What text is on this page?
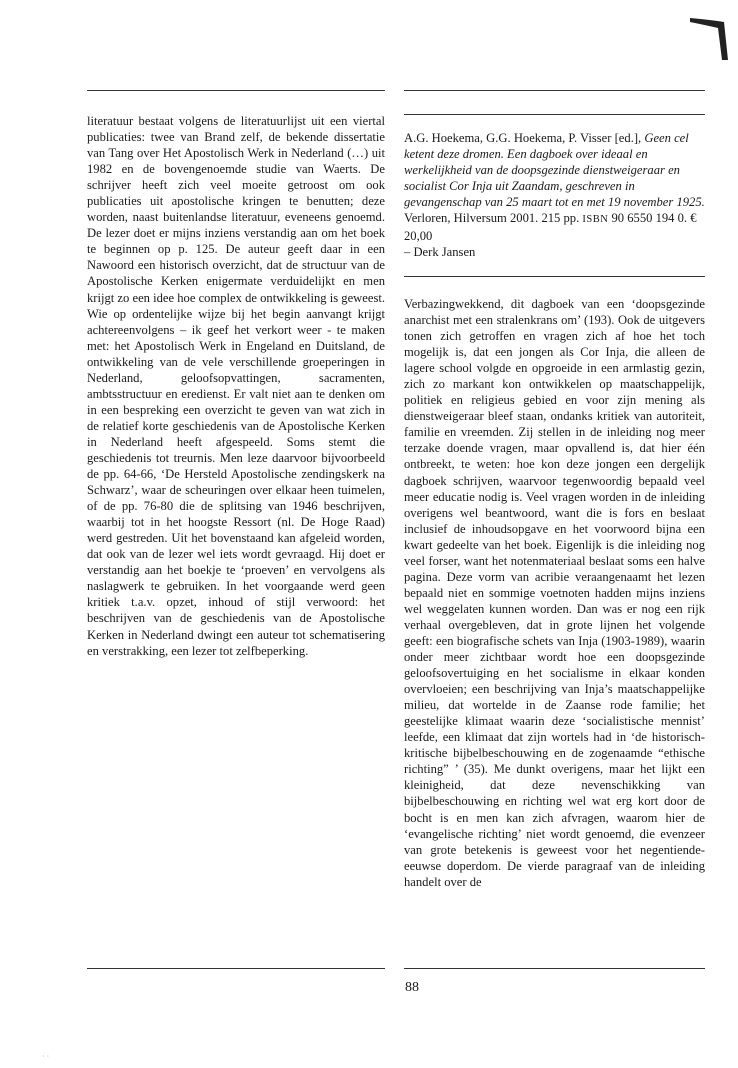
literatuur bestaat volgens de literatuurlijst uit een viertal publicaties: twee van Brand zelf, de bekende dissertatie van Tang over Het Apostolisch Werk in Nederland (…) uit 1982 en de bovengenoemde studie van Waerts. De schrijver heeft zich veel moeite getroost om ook publicaties uit apostolische kringen te benutten; deze worden, naast buitenlandse literatuur, eveneens genoemd. De lezer doet er mijns inziens verstandig aan om het boek te beginnen op p. 125. De auteur geeft daar in een Nawoord een historisch overzicht, dat de structuur van de Apostolische Kerken enigermate verduidelijkt en men krijgt zo een idee hoe complex de ontwikkeling is geweest. Wie op ordentelijke wijze bij het begin aanvangt krijgt achtereenvolgens – ik geef het verkort weer - te maken met: het Apostolisch Werk in Engeland en Duitsland, de ontwikkeling van de vele verschillende groeperingen in Nederland, geloofsopvattingen, sacramenten, ambtsstructuur en eredienst. Er valt niet aan te denken om in een bespreking een overzicht te geven van wat zich in de relatief korte geschiedenis van de Apostolische Kerken in Nederland heeft afgespeeld. Soms stemt die geschiedenis tot treurnis. Men leze daarvoor bijvoorbeeld de pp. 64-66, ‘De Hersteld Apostolische zendingskerk na Schwarz’, waar de scheuringen over elkaar heen tuimelen, of de pp. 76-80 die de splitsing van 1946 beschrijven, waarbij tot in het hoogste Ressort (nl. De Hoge Raad) werd gestreden. Uit het bovenstaand kan afgeleid worden, dat ook van de lezer wel iets wordt gevraagd. Hij doet er verstandig aan het boekje te ‘proeven’ en vervolgens als naslagwerk te gebruiken. In het voorgaande werd geen kritiek t.a.v. opzet, inhoud of stijl verwoord: het beschrijven van de geschiedenis van de Apostolische Kerken in Nederland dwingt een auteur tot schematisering en verstrakking, een lezer tot zelfbeperking.

A.G. Hoekema, G.G. Hoekema, P. Visser [ed.], Geen cel ketent deze dromen. Een dagboek over ideaal en werkelijkheid van de doopsgezinde dienstweigeraar en socialist Cor Inja uit Zaandam, geschreven in gevangenschap van 25 maart tot en met 19 november 1925. Verloren, Hilversum 2001. 215 pp. ISBN 90 6550 194 0. € 20,00
– Derk Jansen

Verbazingwekkend, dit dagboek van een ‘doopsgezinde anarchist met een stralenkrans om’ (193). Ook de uitgevers tonen zich getroffen en vragen zich af hoe het toch mogelijk is, dat een jongen als Cor Inja, die alleen de lagere school volgde en opgroeide in een armlastig gezin, zich zo markant kon ontwikkelen op maatschappelijk, politiek en religieus gebied en voor zijn mening als dienstweigeraar bleef staan, ondanks kritiek van autoriteit, familie en vreemden. Zij stellen in de inleiding nog meer terzake doende vragen, maar opvallend is, dat hier één ontbreekt, te weten: hoe kon deze jongen een dergelijk dagboek schrijven, waarvoor tegenwoordig bepaald veel meer educatie nodig is. Veel vragen worden in de inleiding overigens wel beantwoord, want die is fors en beslaat inclusief de inhoudsopgave en het voorwoord bijna een kwart gedeelte van het boek. Eigenlijk is die inleiding nog veel forser, want het notenmateriaal beslaat soms een halve pagina. Deze vorm van acribie veraangenaamt het lezen bepaald niet en sommige voetnoten hadden mijns inziens wel weggelaten kunnen worden. Dan was er nog een rijk verhaal overgebleven, dat in grote lijnen het volgende geeft: een biografische schets van Inja (1903-1989), waarin onder meer zichtbaar wordt hoe een doopsgezinde geloofsovertuiging en het socialisme in elkaar konden overvloeien; een beschrijving van Inja’s maatschappelijke milieu, dat wortelde in de Zaanse rode familie; het geestelijke klimaat waarin deze ‘socialistische mennist’ leefde, een klimaat dat zijn wortels had in ‘de historisch-kritische bijbelbeschouwing en de zogenaamde “ethische richting” ’ (35). Me dunkt overigens, maar het lijkt een kleinigheid, dat deze nevenschikking van bijbelbeschouwing en richting wel wat erg kort door de bocht is en men kan zich afvragen, waarom hier de ‘evangelische richting’ niet wordt genoemd, die evenzeer van grote betekenis is geweest voor het negentiende-eeuwse doperdom. De vierde paragraaf van de inleiding handelt over de

88
· ·
